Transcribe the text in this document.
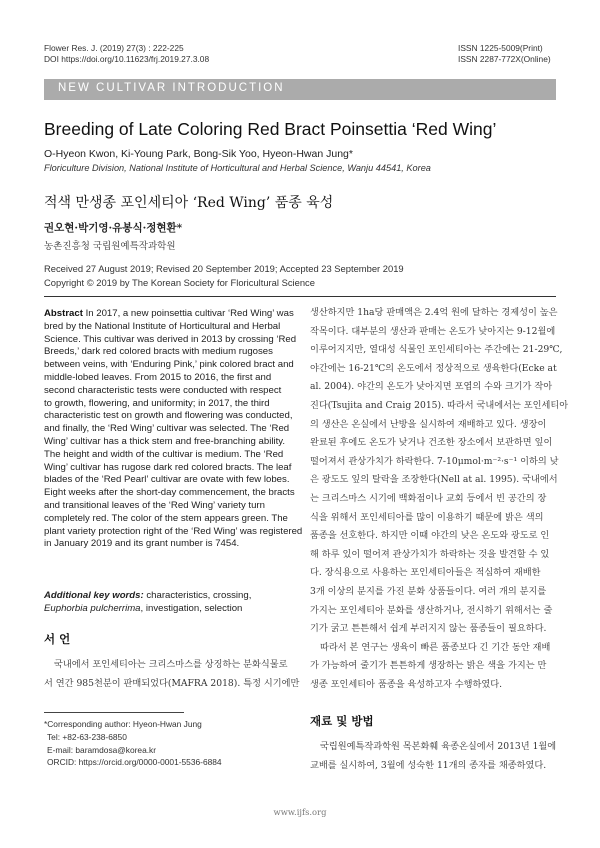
Flower Res. J. (2019) 27(3) : 222-225
DOI https://doi.org/10.11623/frj.2019.27.3.08
ISSN 1225-5009(Print)
ISSN 2287-772X(Online)
NEW CULTIVAR INTRODUCTION
Breeding of Late Coloring Red Bract Poinsettia ‘Red Wing’
O-Hyeon Kwon, Ki-Young Park, Bong-Sik Yoo, Hyeon-Hwan Jung*
Floriculture Division, National Institute of Horticultural and Herbal Science, Wanju 44541, Korea
적색 만생종 포인세티아 ‘Red Wing’ 품종 육성
권오현·박기영·유봉식·정현환*
농촌진흥청 국립원예특작과학원
Received 27 August 2019; Revised 20 September 2019; Accepted 23 September 2019
Copyright © 2019 by The Korean Society for Floricultural Science
Abstract In 2017, a new poinsettia cultivar ‘Red Wing’ was
bred by the National Institute of Horticultural and Herbal
Science. This cultivar was derived in 2013 by crossing ‘Red
Breeds,’ dark red colored bracts with medium rugoses
between veins, with ‘Enduring Pink,’ pink colored bract and
middle-lobed leaves. From 2015 to 2016, the first and
second characteristic tests were conducted with respect
to growth, flowering, and uniformity; in 2017, the third
characteristic test on growth and flowering was conducted,
and finally, the ‘Red Wing’ cultivar was selected. The ‘Red
Wing’ cultivar has a thick stem and free-branching ability.
The height and width of the cultivar is medium. The ‘Red
Wing’ cultivar has rugose dark red colored bracts. The leaf
blades of the ‘Red Pearl’ cultivar are ovate with few lobes.
Eight weeks after the short-day commencement, the bracts
and transitional leaves of the ‘Red Wing’ variety turn
completely red. The color of the stem appears green. The
plant variety protection right of the ‘Red Wing’ was registered
in January 2019 and its grant number is 7454.
Additional key words: characteristics, crossing, Euphorbia pulcherrima, investigation, selection
서 언
국내에서 포인세티아는 크리스마스를 상징하는 분화식물로
서 연간 985천분이 판매되었다(MAFRA 2018). 특정 시기에만
*Corresponding author: Hyeon-Hwan Jung
Tel: +82-63-238-6850
E-mail: baramdosa@korea.kr
ORCID: https://orcid.org/0000-0001-5536-6884
생산하지만 1ha당 판매액은 2.4억 원에 달하는 경제성이 높은
작목이다. 대부분의 생산과 판매는 온도가 낮아지는 9-12월에
이루어지지만, 열대성 식물인 포인세티아는 주간에는 21-29℃,
야간에는 16-21℃의 온도에서 정상적으로 생육한다(Ecke at
al. 2004). 야간의 온도가 낮아지면 포엽의 수와 크기가 작아
진다(Tsujita and Craig 2015). 따라서 국내에서는 포인세티아
의 생산은 온실에서 난방을 실시하여 재배하고 있다. 생장이
완료된 후에도 온도가 낮거나 건조한 장소에서 보관하면 잎이
떨어져서 관상가치가 하락한다. 7-10μmol·m⁻²·s⁻¹ 이하의 낮
은 광도도 잎의 탈락을 조장한다(Nell at al. 1995). 국내에서
는 크리스마스 시기에 백화점이나 교회 등에서 빈 공간의 장
식을 위해서 포인세티아를 많이 이용하기 때문에 밝은 색의
품종을 선호한다. 하지만 이때 야간의 낮은 온도와 광도로 인
해 하루 있이 떨어져 관상가치가 하락하는 것을 발견할 수 있
다. 장식용으로 사용하는 포인세티아들은 적심하여 재배한
3개 이상의 분지를 가진 분화 상품들이다. 여러 개의 분지를
가지는 포인세티아 분화를 생산하거나, 전시하기 위해서는 줄
기가 굵고 튼튼해서 쉽게 부러지지 않는 품종들이 필요하다.
따라서 본 연구는 생육이 빠른 품종보다 긴 기간 동안 재배
가 가능하여 줄기가 튼튼하게 생장하는 밝은 색을 가지는 만
생종 포인세티아 품종을 육성하고자 수행하였다.
재료 및 방법
국립원예특작과학원 목본화훼 육종온실에서 2013년 1월에
교배를 실시하여, 3월에 성숙한 11개의 종자를 채종하였다.
www.ijfs.org
